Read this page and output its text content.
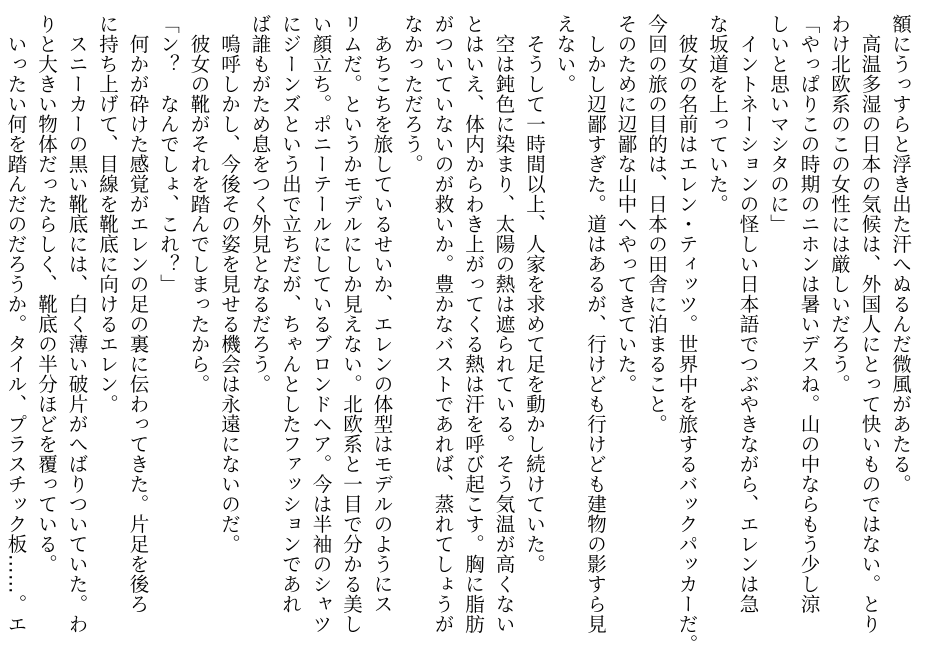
額にうっすらと浮き出た汗へぬるんだ微風があたる。
　高温多湿の日本の気候は、外国人にとって快いものではない。とり
わけ北欧系のこの女性には厳しいだろう。
「やっぱりこの時期のニホンは暑いデスね。山の中ならもう少し涼
しいと思いマシタのに」
　イントネーションの怪しい日本語でつぶやきながら、エレンは急
な坂道を上っていた。
　彼女の名前はエレン・ティッツ。世界中を旅するバックパッカーだ。
今回の旅の目的は、日本の田舎に泊まること。
そのために辺鄙な山中へやってきていた。
　しかし辺鄙すぎた。道はあるが、行けども行けども建物の影すら見
えない。
　そうして一時間以上、人家を求めて足を動かし続けていた。
　空は鈍色に染まり、太陽の熱は遮られている。そう気温が高くない
とはいえ、体内からわき上がってくる熱は汗を呼び起こす。胸に脂肪
がついていないのが救いか。豊かなバストであれば、蒸れてしょうが
なかっただろう。
　あちこちを旅しているせいか、エレンの体型はモデルのようにス
リムだ。というかモデルにしか見えない。北欧系と一目で分かる美し
い顔立ち。ポニーテールにしているブロンドヘア。今は半袖のシャツ
にジーンズという出で立ちだが、ちゃんとしたファッションであれ
ば誰もがため息をつく外見となるだろう。
　嗚呼しかし、今後その姿を見せる機会は永遠にないのだ。
　彼女の靴がそれを踏んでしまったから。
「ン？　なんでしょ、これ？」
　何かが砕けた感覚がエレンの足の裏に伝わってきた。片足を後ろ
に持ち上げて、目線を靴底に向けるエレン。
　スニーカーの黒い靴底には、白く薄い破片がへばりついていた。わ
りと大きい物体だったらしく、靴底の半分ほどを覆っている。
　いったい何を踏んだのだろうか。タイル、プラスチック板……。エ
